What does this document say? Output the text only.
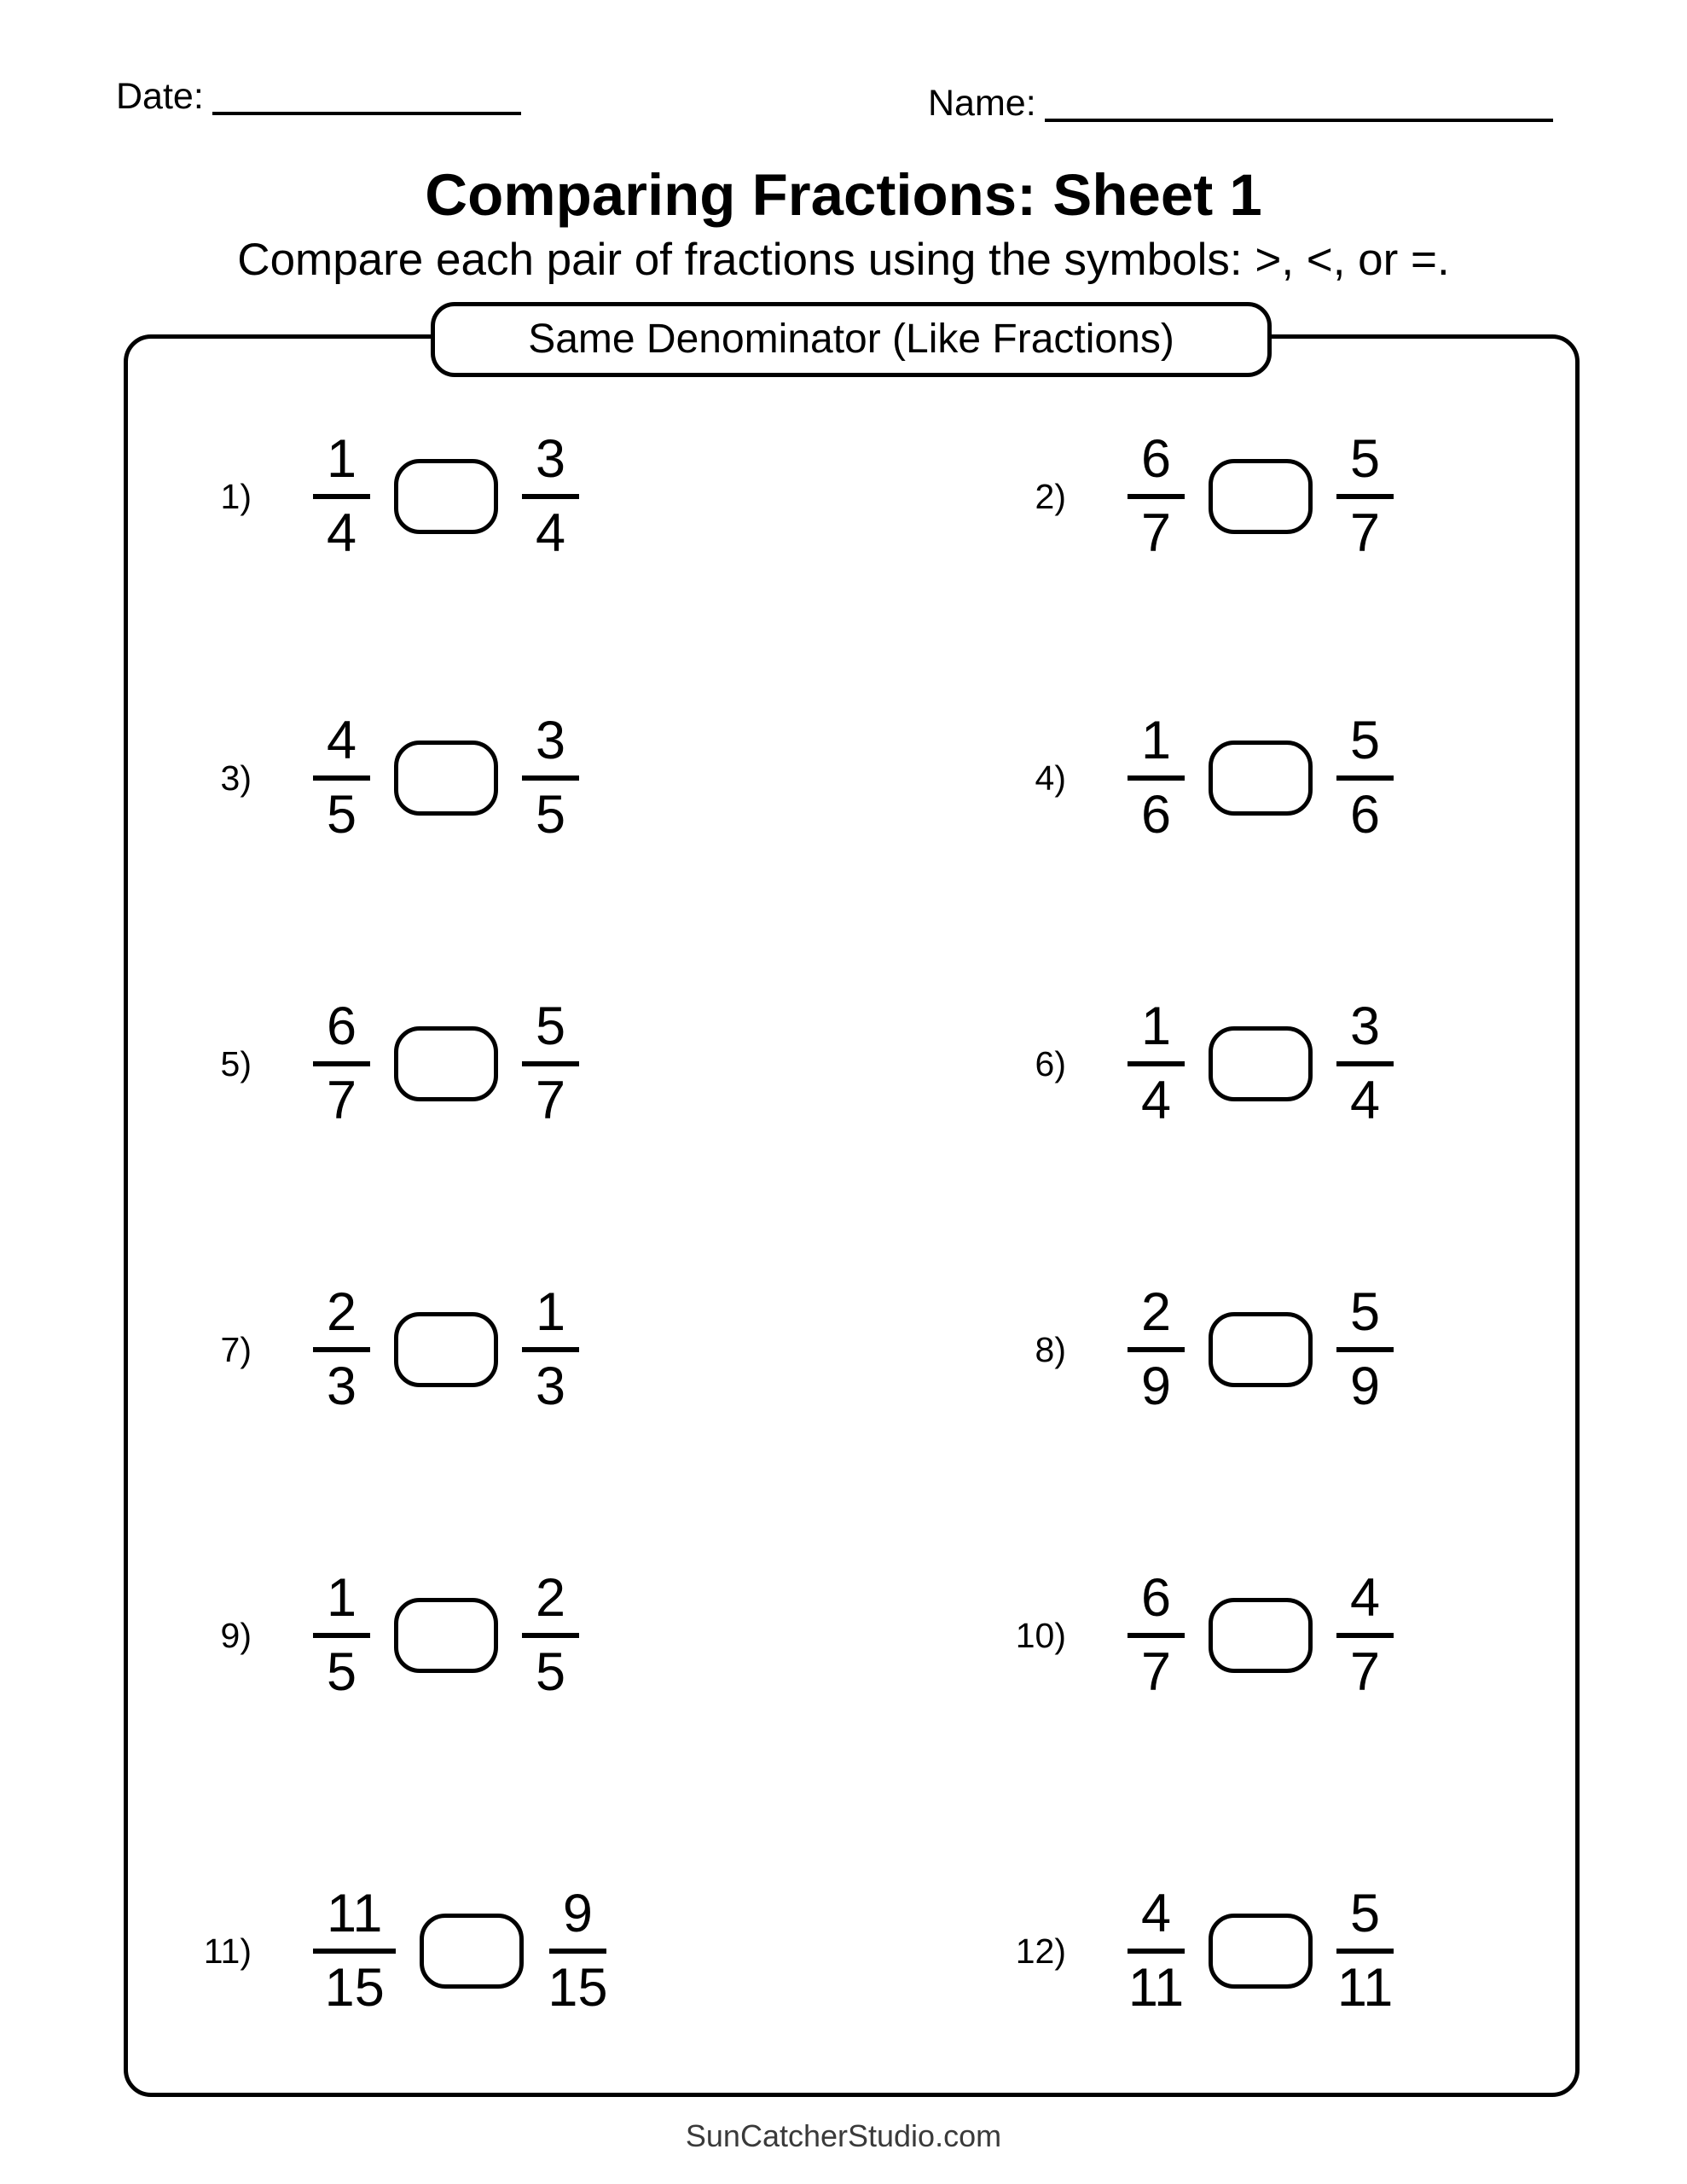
Date:	Name:
Comparing Fractions: Sheet 1
Compare each pair of fractions using the symbols: >, <, or =.
Same Denominator (Like Fractions)
$1) \frac{1}{4}$	$\frac{3}{4}$	$2) \frac{6}{7}$	$\frac{5}{7}$
$3) \frac{4}{5}$	$\frac{3}{5}$	$4) \frac{1}{6}$	$\frac{5}{6}$
$5) \frac{6}{7}$	$\frac{5}{7}$	$6) \frac{1}{4}$	$\frac{3}{4}$
$7) \frac{2}{3}$	$\frac{1}{3}$	$8) \frac{2}{9}$	$\frac{5}{9}$
$9) \frac{1}{5}$	$\frac{2}{5}$	$10) \frac{6}{7}$	$\frac{4}{7}$
$11) \frac{11}{15}$	$\frac{9}{15}$	$12) \frac{4}{11}$	$\frac{5}{11}$
SunCatcherStudio.com
